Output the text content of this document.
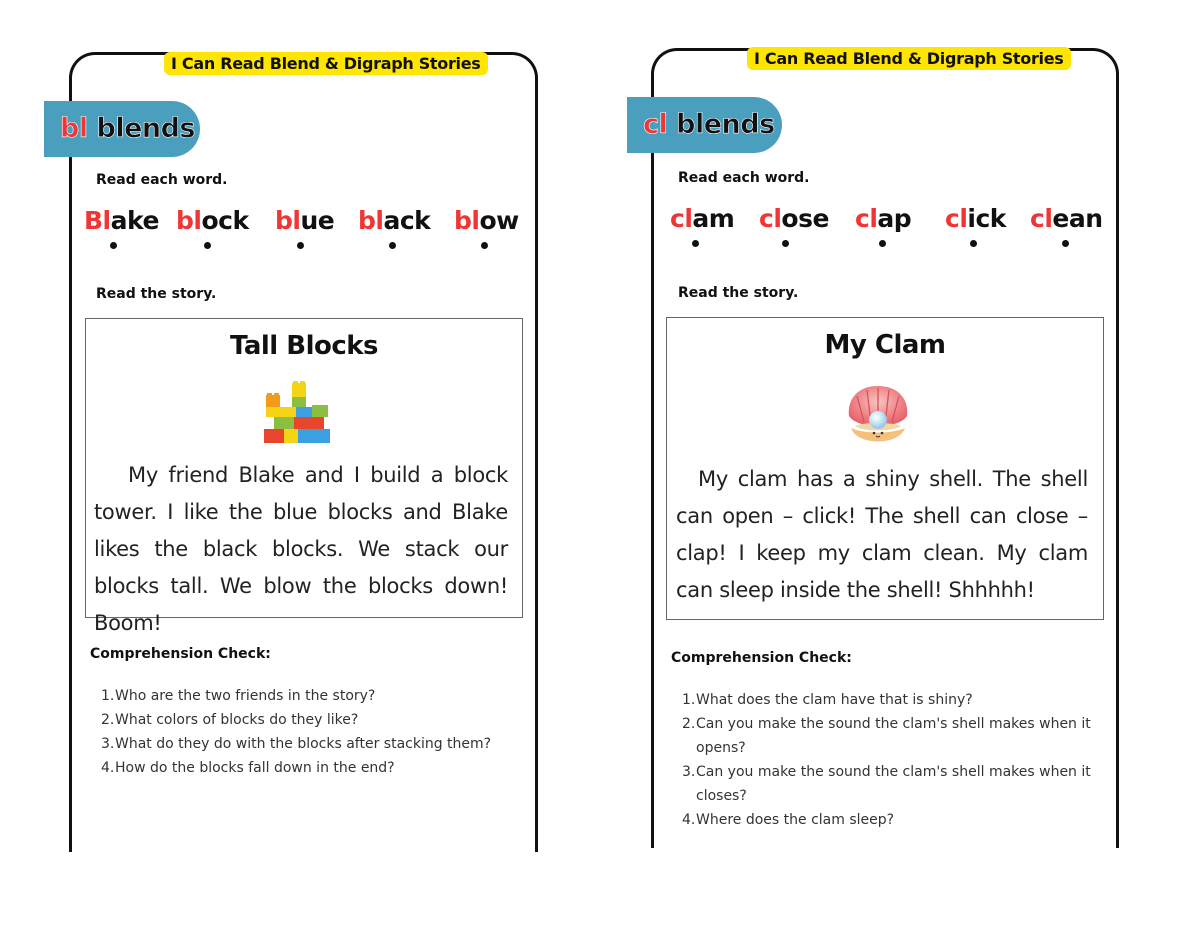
I Can Read Blend & Digraph Stories
bl blends
Read each word.
Blake block blue black blow
Read the story.
Tall Blocks
My friend Blake and I build a block tower. I like the blue blocks and Blake likes the black blocks. We stack our blocks tall. We blow the blocks down! Boom!
Comprehension Check:
1. Who are the two friends in the story?
2. What colors of blocks do they like?
3. What do they do with the blocks after stacking them?
4. How do the blocks fall down in the end?
I Can Read Blend & Digraph Stories
cl blends
Read each word.
clam close clap click clean
Read the story.
My Clam
My clam has a shiny shell. The shell can open – click! The shell can close – clap! I keep my clam clean. My clam can sleep inside the shell! Shhhhh!
Comprehension Check:
1. What does the clam have that is shiny?
2. Can you make the sound the clam's shell makes when it opens?
3. Can you make the sound the clam's shell makes when it closes?
4. Where does the clam sleep?
